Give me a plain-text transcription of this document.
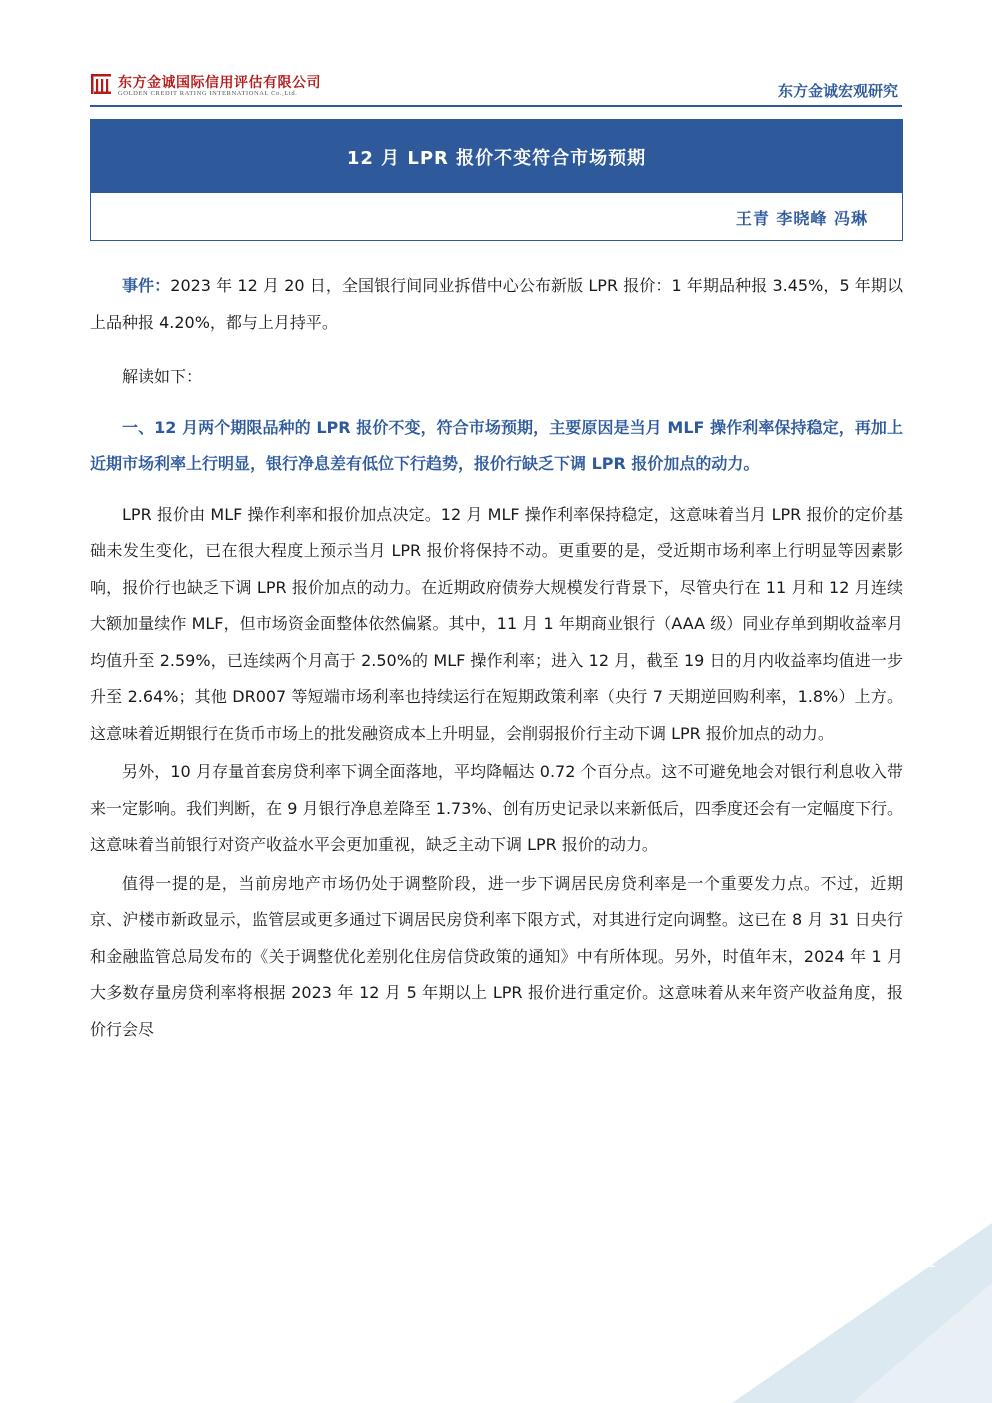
东方金诚国际信用评估有限公司
GOLDEN CREDIT RATING INTERNATIONAL Co.,Ltd.	东方金诚宏观研究
12 月 LPR 报价不变符合市场预期
王青 李晓峰 冯琳

事件：2023 年 12 月 20 日，全国银行间同业拆借中心公布新版 LPR 报价：1 年期品种报 3.45%，5 年期以上品种报 4.20%，都与上月持平。

解读如下：

一、12 月两个期限品种的 LPR 报价不变，符合市场预期，主要原因是当月 MLF 操作利率保持稳定，再加上近期市场利率上行明显，银行净息差有低位下行趋势，报价行缺乏下调 LPR 报价加点的动力。

LPR 报价由 MLF 操作利率和报价加点决定。12 月 MLF 操作利率保持稳定，这意味着当月 LPR 报价的定价基础未发生变化，已在很大程度上预示当月 LPR 报价将保持不动。更重要的是，受近期市场利率上行明显等因素影响，报价行也缺乏下调 LPR 报价加点的动力。在近期政府债券大规模发行背景下，尽管央行在 11 月和 12 月连续大额加量续作 MLF，但市场资金面整体依然偏紧。其中，11 月 1 年期商业银行（AAA 级）同业存单到期收益率月均值升至 2.59%，已连续两个月高于 2.50%的 MLF 操作利率；进入 12 月，截至 19 日的月内收益率均值进一步升至 2.64%；其他 DR007 等短端市场利率也持续运行在短期政策利率（央行 7 天期逆回购利率，1.8%）上方。这意味着近期银行在货币市场上的批发融资成本上升明显，会削弱报价行主动下调 LPR 报价加点的动力。

另外，10 月存量首套房贷利率下调全面落地，平均降幅达 0.72 个百分点。这不可避免地会对银行利息收入带来一定影响。我们判断，在 9 月银行净息差降至 1.73%、创有历史记录以来新低后，四季度还会有一定幅度下行。这意味着当前银行对资产收益水平会更加重视，缺乏主动下调 LPR 报价的动力。

值得一提的是，当前房地产市场仍处于调整阶段，进一步下调居民房贷利率是一个重要发力点。不过，近期京、沪楼市新政显示，监管层或更多通过下调居民房贷利率下限方式，对其进行定向调整。这已在 8 月 31 日央行和金融监管总局发布的《关于调整优化差别化住房信贷政策的通知》中有所体现。另外，时值年末，2024 年 1 月大多数存量房贷利率将根据 2023 年 12 月 5 年期以上 LPR 报价进行重定价。这意味着从来年资产收益角度，报价行会尽

1
